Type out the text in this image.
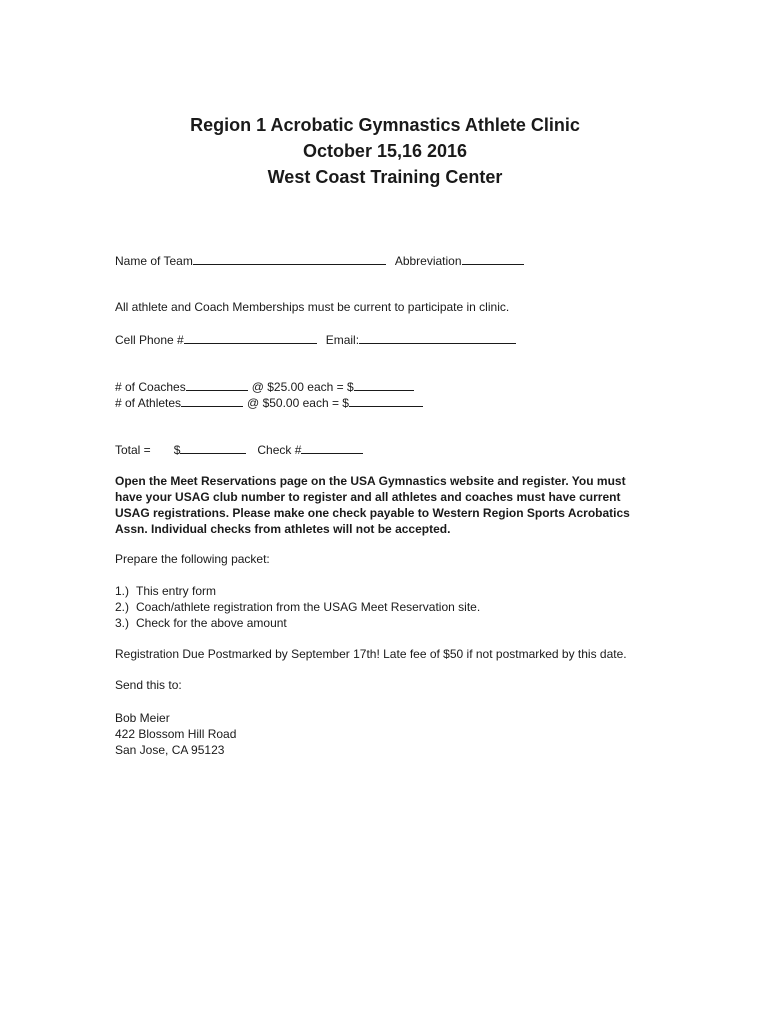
Region 1 Acrobatic Gymnastics Athlete Clinic
October 15,16 2016
West Coast Training Center
Name of Team	Abbreviation
All athlete and Coach Memberships must be current to participate in clinic.
Cell Phone #	Email:
# of Coaches	@ $25.00 each = $
# of Athletes	@ $50.00 each = $
Total = $	Check #
Open the Meet Reservations page on the USA Gymnastics website and register. You must have your USAG club number to register and all athletes and coaches must have current USAG registrations. Please make one check payable to Western Region Sports Acrobatics Assn. Individual checks from athletes will not be accepted.
Prepare the following packet:
1.) This entry form
2.) Coach/athlete registration from the USAG Meet Reservation site.
3.) Check for the above amount
Registration Due Postmarked by September 17th! Late fee of $50 if not postmarked by this date.
Send this to:
Bob Meier
422 Blossom Hill Road
San Jose, CA 95123
